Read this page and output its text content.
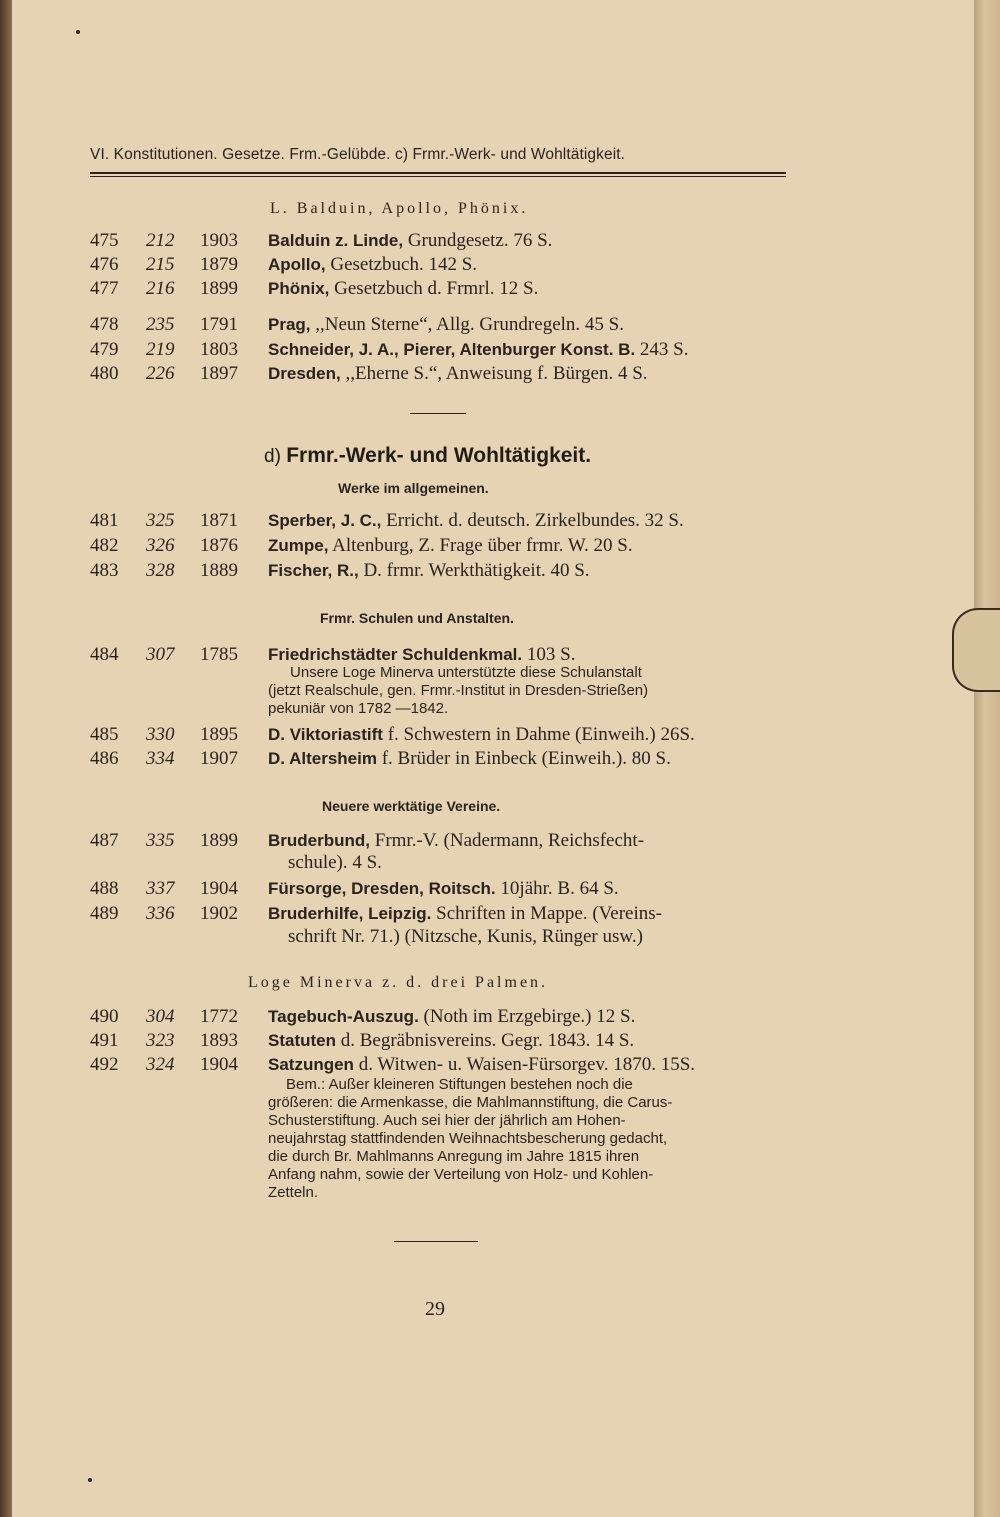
VI. Konstitutionen. Gesetze. Frm.-Gelübde. c) Frmr.-Werk- und Wohltätigkeit.
L. Balduin, Apollo, Phönix.
475	212	1903	Balduin z. Linde, Grundgesetz. 76 S.
476	215	1879	Apollo, Gesetzbuch. 142 S.
477	216	1899	Phönix, Gesetzbuch d. Frmrl. 12 S.
478	235	1791	Prag, ,,Neun Sterne“, Allg. Grundregeln. 45 S.
479	219	1803	Schneider, J. A., Pierer, Altenburger Konst. B. 243 S.
480	226	1897	Dresden, ,,Eherne S.“, Anweisung f. Bürgen. 4 S.
d) Frmr.-Werk- und Wohltätigkeit.
Werke im allgemeinen.
481	325	1871	Sperber, J. C., Erricht. d. deutsch. Zirkelbundes. 32 S.
482	326	1876	Zumpe, Altenburg, Z. Frage über frmr. W. 20 S.
483	328	1889	Fischer, R., D. frmr. Werkthätigkeit. 40 S.
Frmr. Schulen und Anstalten.
484	307	1785	Friedrichstädter Schuldenkmal. 103 S.
Unsere Loge Minerva unterstützte diese Schulanstalt
(jetzt Realschule, gen. Frmr.-Institut in Dresden-Strießen)
pekuniär von 1782 —1842.
485	330	1895	D. Viktoriastift f. Schwestern in Dahme (Einweih.) 26S.
486	334	1907	D. Altersheim f. Brüder in Einbeck (Einweih.). 80 S.
Neuere werktätige Vereine.
487	335	1899	Bruderbund, Frmr.-V. (Nadermann, Reichsfecht-
schule). 4 S.
488	337	1904	Fürsorge, Dresden, Roitsch. 10jähr. B. 64 S.
489	336	1902	Bruderhilfe, Leipzig. Schriften in Mappe. (Vereins-
schrift Nr. 71.) (Nitzsche, Kunis, Rünger usw.)
Loge Minerva z. d. drei Palmen.
490	304	1772	Tagebuch-Auszug. (Noth im Erzgebirge.) 12 S.
491	323	1893	Statuten d. Begräbnisvereins. Gegr. 1843. 14 S.
492	324	1904	Satzungen d. Witwen- u. Waisen-Fürsorgev. 1870. 15S.
Bem.: Außer kleineren Stiftungen bestehen noch die
größeren: die Armenkasse, die Mahlmannstiftung, die Carus-
Schusterstiftung. Auch sei hier der jährlich am Hohen-
neujahrstag stattfindenden Weihnachtsbescherung gedacht,
die durch Br. Mahlmanns Anregung im Jahre 1815 ihren
Anfang nahm, sowie der Verteilung von Holz- und Kohlen-
Zetteln.
29
